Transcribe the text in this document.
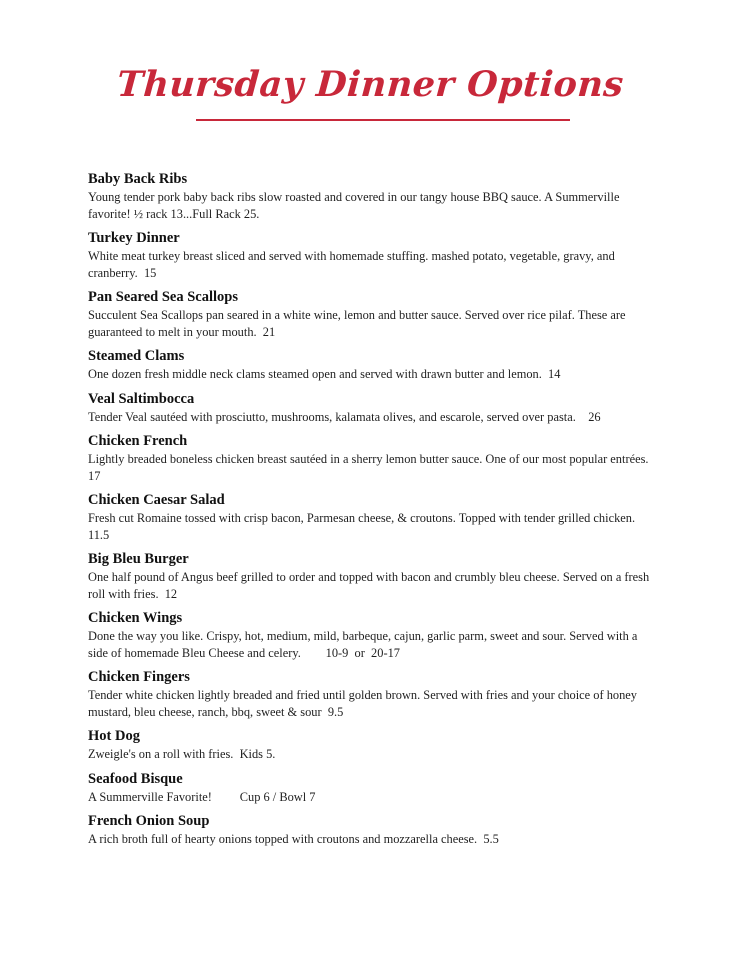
Thursday Dinner Options

Baby Back Ribs

Young tender pork baby back ribs slow roasted and covered in our tangy house BBQ sauce. A Summerville favorite! ½ rack 13...Full Rack 25.

Turkey Dinner

White meat turkey breast sliced and served with homemade stuffing. mashed potato, vegetable, gravy, and cranberry.  15

Pan Seared Sea Scallops

Succulent Sea Scallops pan seared in a white wine, lemon and butter sauce. Served over rice pilaf. These are guaranteed to melt in your mouth.  21

Steamed Clams

One dozen fresh middle neck clams steamed open and served with drawn butter and lemon.  14

Veal Saltimbocca

Tender Veal sautéed with prosciutto, mushrooms, kalamata olives, and escarole, served over pasta.    26

Chicken French

Lightly breaded boneless chicken breast sautéed in a sherry lemon butter sauce. One of our most popular entrées.  17

Chicken Caesar Salad

Fresh cut Romaine tossed with crisp bacon, Parmesan cheese, & croutons. Topped with tender grilled chicken.  11.5

Big Bleu Burger

One half pound of Angus beef grilled to order and topped with bacon and crumbly bleu cheese. Served on a fresh roll with fries.  12

Chicken Wings

Done the way you like. Crispy, hot, medium, mild, barbeque, cajun, garlic parm, sweet and sour. Served with a side of homemade Bleu Cheese and celery.        10-9  or  20-17

Chicken Fingers

Tender white chicken lightly breaded and fried until golden brown. Served with fries and your choice of honey mustard, bleu cheese, ranch, bbq, sweet & sour  9.5

Hot Dog

Zweigle's on a roll with fries.  Kids 5.

Seafood Bisque

A Summerville Favorite!         Cup 6 / Bowl 7

French Onion Soup

A rich broth full of hearty onions topped with croutons and mozzarella cheese.  5.5
